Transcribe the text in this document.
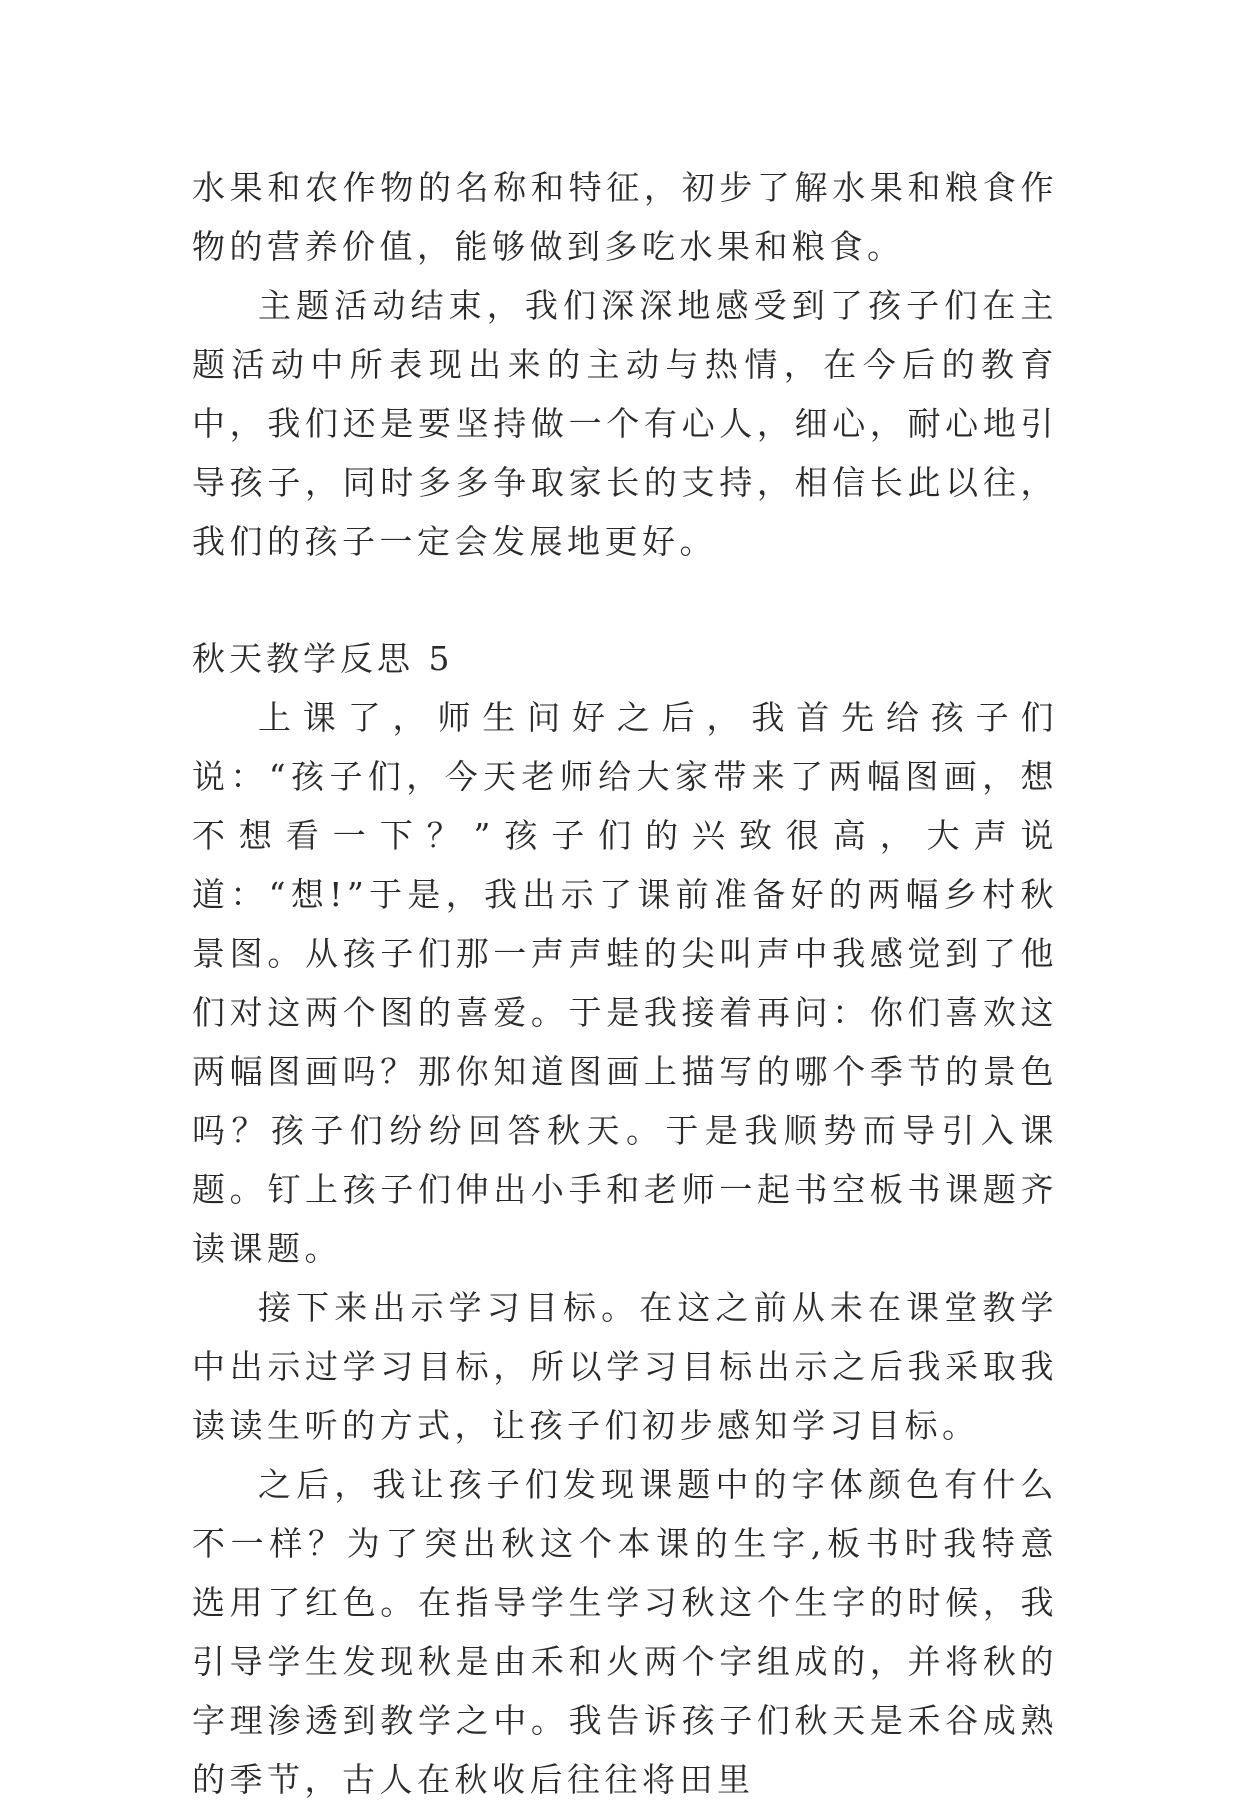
水果和农作物的名称和特征，初步了解水果和粮食作物的营养价值，能够做到多吃水果和粮食。

主题活动结束，我们深深地感受到了孩子们在主题活动中所表现出来的主动与热情，在今后的教育中，我们还是要坚持做一个有心人，细心，耐心地引导孩子，同时多多争取家长的支持，相信长此以往，我们的孩子一定会发展地更好。

秋天教学反思 5

上课了，师生问好之后，我首先给孩子们说：“孩子们，今天老师给大家带来了两幅图画，想不想看一下？”孩子们的兴致很高，大声说道：“想!”于是，我出示了课前准备好的两幅乡村秋景图。从孩子们那一声声蛙的尖叫声中我感觉到了他们对这两个图的喜爱。于是我接着再问：你们喜欢这两幅图画吗？那你知道图画上描写的哪个季节的景色吗？孩子们纷纷回答秋天。于是我顺势而导引入课题。钉上孩子们伸出小手和老师一起书空板书课题齐读课题。

接下来出示学习目标。在这之前从未在课堂教学中出示过学习目标，所以学习目标出示之后我采取我读读生听的方式，让孩子们初步感知学习目标。

之后，我让孩子们发现课题中的字体颜色有什么不一样？为了突出秋这个本课的生字,板书时我特意选用了红色。在指导学生学习秋这个生字的时候，我引导学生发现秋是由禾和火两个字组成的，并将秋的字理渗透到教学之中。我告诉孩子们秋天是禾谷成熟的季节，古人在秋收后往往将田里
